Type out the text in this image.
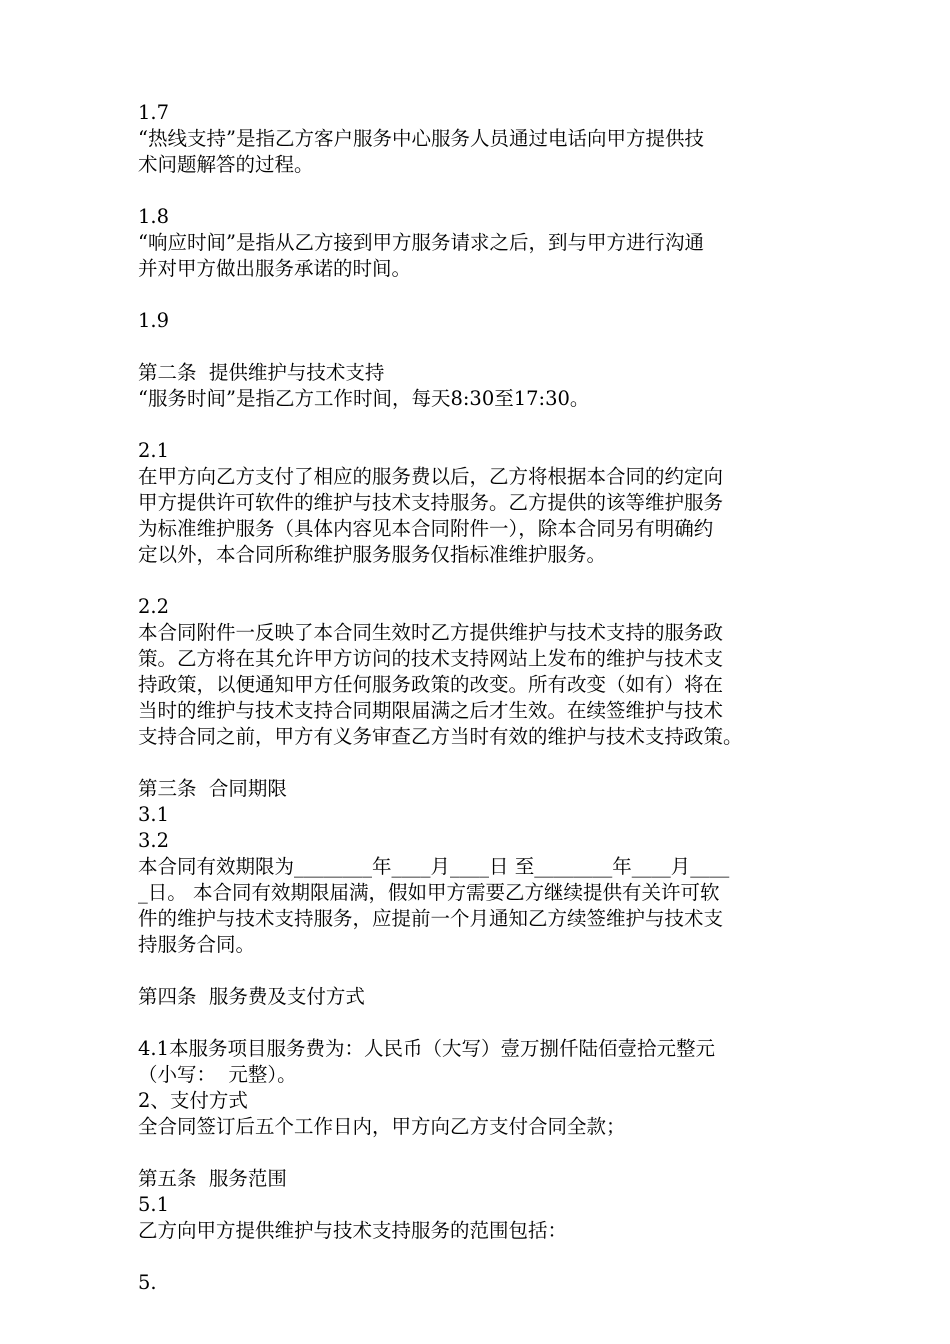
1.7
“热线支持”是指乙方客户服务中心服务人员通过电话向甲方提供技
术问题解答的过程。
1.8
“响应时间”是指从乙方接到甲方服务请求之后，到与甲方进行沟通
并对甲方做出服务承诺的时间。
1.9
第二条  提供维护与技术支持
“服务时间”是指乙方工作时间，每天8:30至17:30。
2.1
在甲方向乙方支付了相应的服务费以后，乙方将根据本合同的约定向
甲方提供许可软件的维护与技术支持服务。乙方提供的该等维护服务
为标准维护服务（具体内容见本合同附件一），除本合同另有明确约
定以外，本合同所称维护服务服务仅指标准维护服务。
2.2
本合同附件一反映了本合同生效时乙方提供维护与技术支持的服务政
策。乙方将在其允许甲方访问的技术支持网站上发布的维护与技术支
持政策，以便通知甲方任何服务政策的改变。所有改变（如有）将在
当时的维护与技术支持合同期限届满之后才生效。在续签维护与技术
支持合同之前，甲方有义务审查乙方当时有效的维护与技术支持政策。
第三条  合同期限
3.1
3.2
本合同有效期限为________年____月____日 至________年____月____
_日。 本合同有效期限届满，假如甲方需要乙方继续提供有关许可软
件的维护与技术支持服务，应提前一个月通知乙方续签维护与技术支
持服务合同。
第四条  服务费及支付方式
4.1本服务项目服务费为：人民币（大写）壹万捌仟陆佰壹拾元整元
（小写：  元整）。
2、支付方式
全合同签订后五个工作日内，甲方向乙方支付合同全款；
第五条  服务范围
5.1
乙方向甲方提供维护与技术支持服务的范围包括：
5.
